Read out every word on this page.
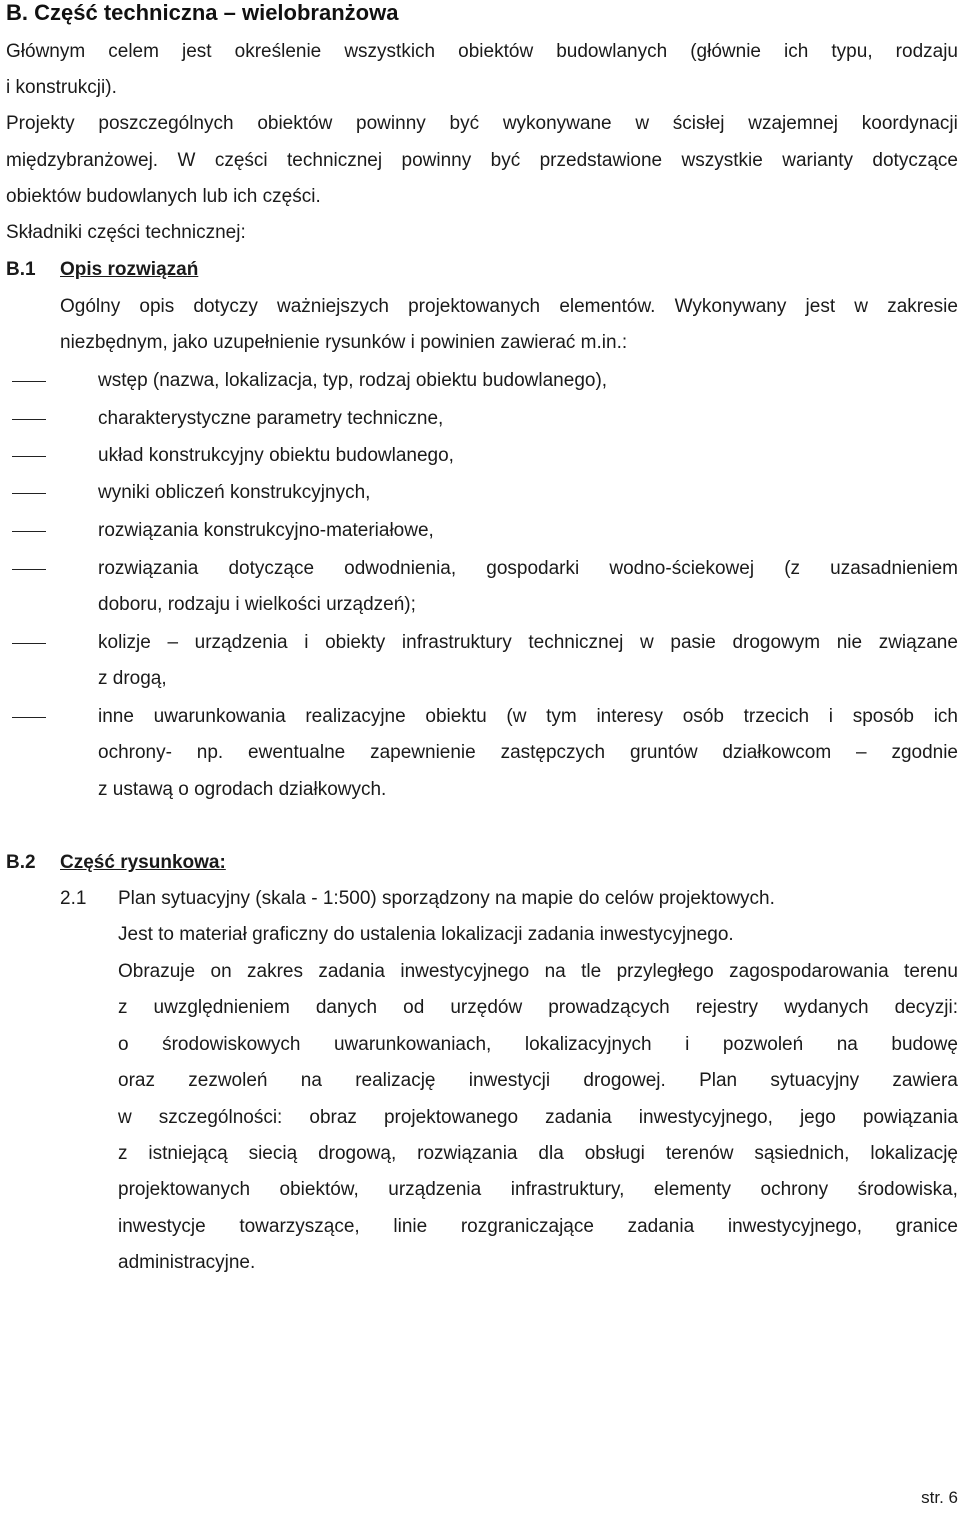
B. Część techniczna – wielobranżowa
Głównym celem jest określenie wszystkich obiektów budowlanych (głównie ich typu, rodzaju
i konstrukcji).
Projekty poszczególnych obiektów powinny być wykonywane w ścisłej wzajemnej koordynacji
międzybranżowej. W części technicznej powinny być przedstawione wszystkie warianty dotyczące
obiektów budowlanych lub ich części.
Składniki części technicznej:
B.1 Opis rozwiązań
Ogólny opis dotyczy ważniejszych projektowanych elementów. Wykonywany jest w zakresie
niezbędnym, jako uzupełnienie rysunków i powinien zawierać m.in.:
wstęp (nazwa, lokalizacja, typ, rodzaj obiektu budowlanego),
charakterystyczne parametry techniczne,
układ konstrukcyjny obiektu budowlanego,
wyniki obliczeń konstrukcyjnych,
rozwiązania konstrukcyjno-materiałowe,
rozwiązania dotyczące odwodnienia, gospodarki wodno-ściekowej (z uzasadnieniem
doboru, rodzaju i wielkości urządzeń);
kolizje – urządzenia i obiekty infrastruktury technicznej w pasie drogowym nie związane
z drogą,
inne uwarunkowania realizacyjne obiektu (w tym interesy osób trzecich i sposób ich
ochrony- np. ewentualne zapewnienie zastępczych gruntów działkowcom – zgodnie
z ustawą o ogrodach działkowych.
B.2 Część rysunkowa:
2.1 Plan sytuacyjny (skala - 1:500) sporządzony na mapie do celów projektowych.
Jest to materiał graficzny do ustalenia lokalizacji zadania inwestycyjnego.
Obrazuje on zakres zadania inwestycyjnego na tle przyległego zagospodarowania terenu
z uwzględnieniem danych od urzędów prowadzących rejestry wydanych decyzji:
o środowiskowych uwarunkowaniach, lokalizacyjnych i pozwoleń na budowę
oraz zezwoleń na realizację inwestycji drogowej. Plan sytuacyjny zawiera
w szczególności: obraz projektowanego zadania inwestycyjnego, jego powiązania
z istniejącą siecią drogową, rozwiązania dla obsługi terenów sąsiednich, lokalizację
projektowanych obiektów, urządzenia infrastruktury, elementy ochrony środowiska,
inwestycje towarzyszące, linie rozgraniczające zadania inwestycyjnego, granice
administracyjne.
str. 6
